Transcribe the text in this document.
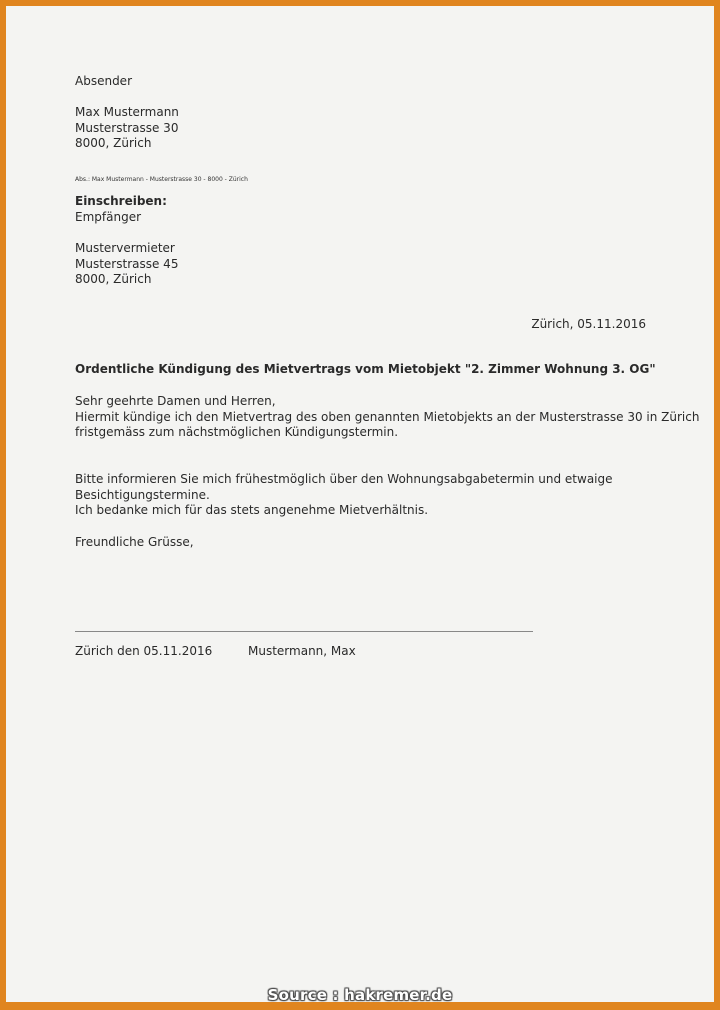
Absender
Max Mustermann
Musterstrasse 30
8000, Zürich
Abs.: Max Mustermann - Musterstrasse 30 - 8000 - Zürich
Einschreiben:
Empfänger
Mustervermieter
Musterstrasse 45
8000, Zürich
Zürich, 05.11.2016
Ordentliche Kündigung des Mietvertrags vom Mietobjekt "2. Zimmer Wohnung 3. OG"
Sehr geehrte Damen und Herren,
Hiermit kündige ich den Mietvertrag des oben genannten Mietobjekts an der Musterstrasse 30 in Zürich
fristgemäss zum nächstmöglichen Kündigungstermin.
Bitte informieren Sie mich frühestmöglich über den Wohnungsabgabetermin und etwaige
Besichtigungstermine.
Ich bedanke mich für das stets angenehme Mietverhältnis.
Freundliche Grüsse,
Zürich den 05.11.2016	Mustermann, Max
Source : hakremer.de
